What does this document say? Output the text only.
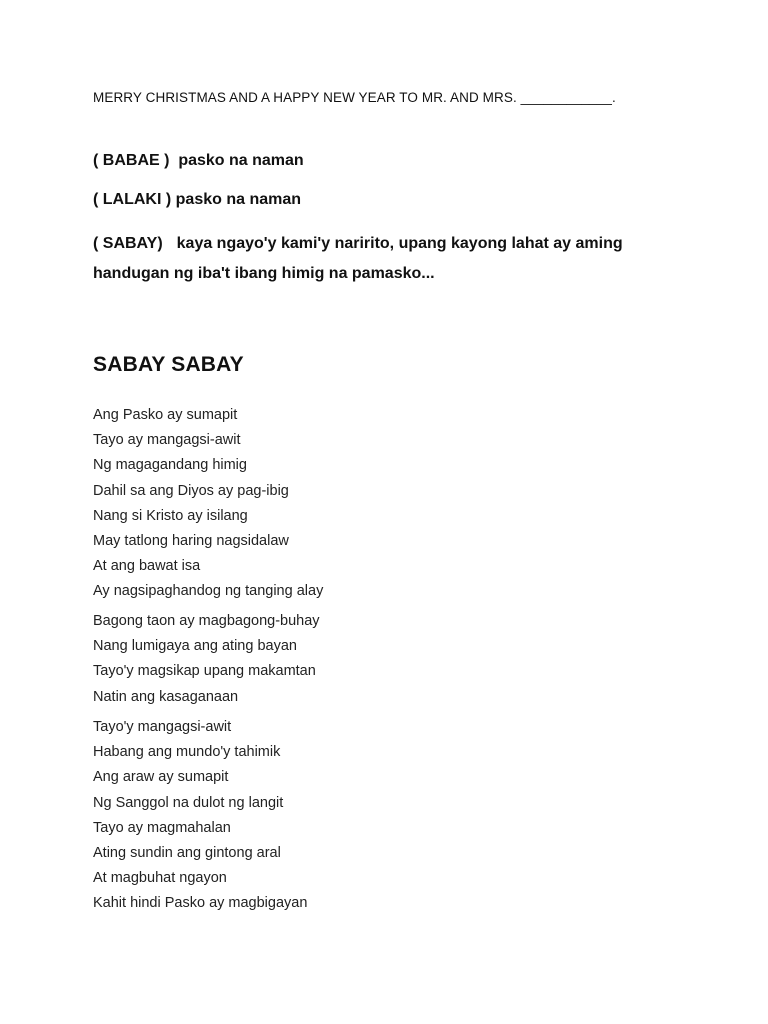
MERRY CHRISTMAS AND A HAPPY NEW YEAR TO MR. AND MRS. ____________.
( BABAE ) pasko na naman
( LALAKI ) pasko na naman
( SABAY) kaya ngayo'y kami'y naririto, upang kayong lahat ay aming handugan ng iba't ibang himig na pamasko...
SABAY SABAY
Ang Pasko ay sumapit
Tayo ay mangagsi-awit
Ng magagandang himig
Dahil sa ang Diyos ay pag-ibig
Nang si Kristo ay isilang
May tatlong haring nagsidalaw
At ang bawat isa
Ay nagsipaghandog ng tanging alay
Bagong taon ay magbagong-buhay
Nang lumigaya ang ating bayan
Tayo'y magsikap upang makamtan
Natin ang kasaganaan
Tayo'y mangagsi-awit
Habang ang mundo'y tahimik
Ang araw ay sumapit
Ng Sanggol na dulot ng langit
Tayo ay magmahalan
Ating sundin ang gintong aral
At magbuhat ngayon
Kahit hindi Pasko ay magbigayan
